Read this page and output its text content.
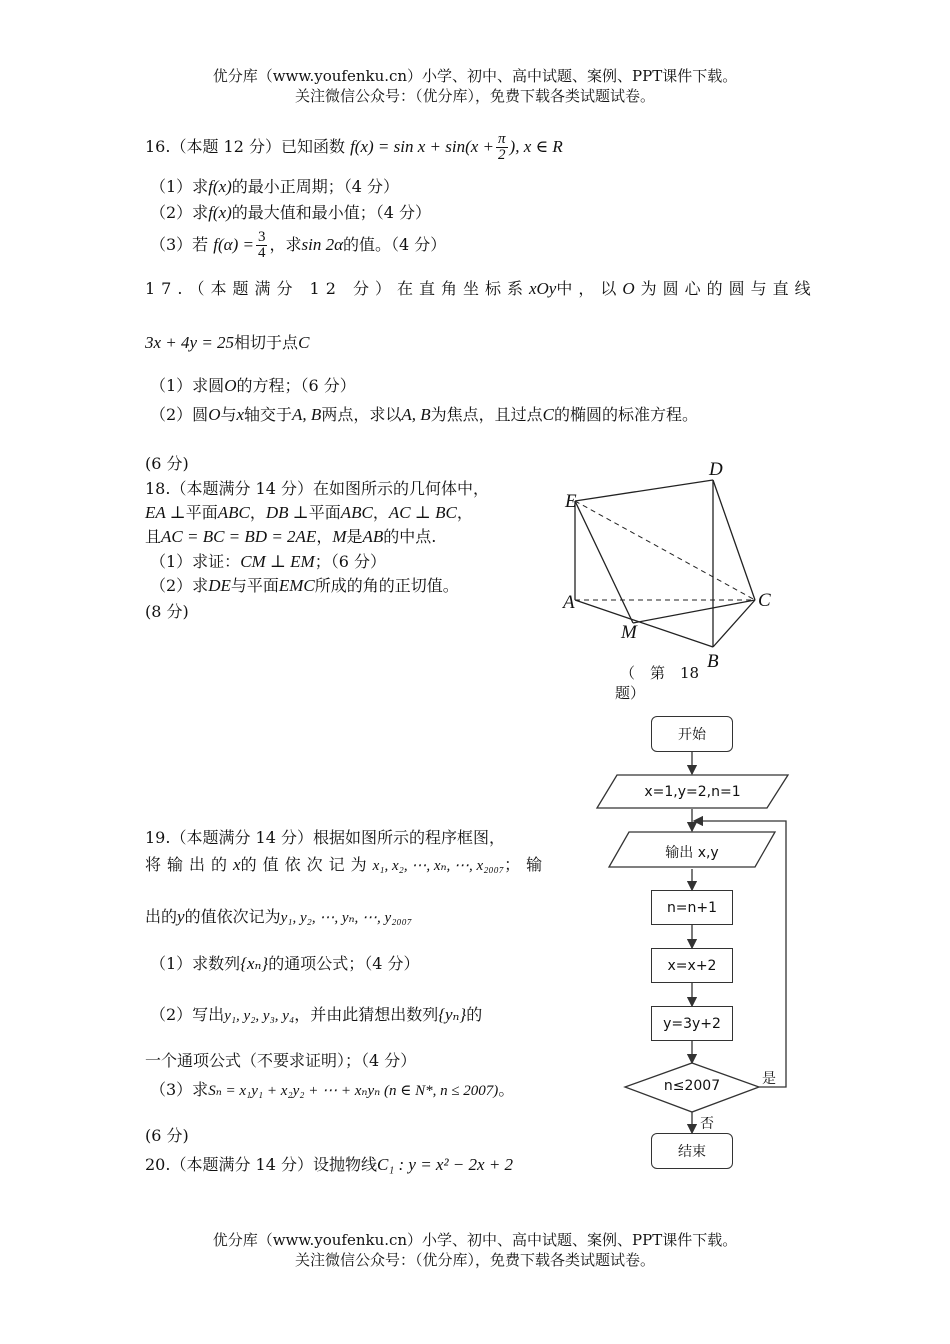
优分库（www.youfenku.cn）小学、初中、高中试题、案例、PPT课件下载。
关注微信公众号：（优分库），免费下载各类试题试卷。
16.（本题 12 分）已知函数 $f(x) = \sin x + \sin(x + \frac{\pi}{2}$ ), x ∈ R
（1）求f(x)的最小正周期；（4 分）
（2）求f(x)的最大值和最小值；（4 分）
（3）若 $f(\alpha) = \frac{3}{4}$ ，求sin 2α的值。（4 分）
17.（本题满分 12 分）在直角坐标系xOy中，以O为圆心的圆与直线
3x + 4y = 25相切于点C
（1）求圆O的方程；（6 分）
（2）圆O与x轴交于A, B两点，求以A, B为焦点，且过点C的椭圆的标准方程。
(6 分)
18.（本题满分 14 分）在如图所示的几何体中，
EA ⊥平面ABC，DB ⊥平面ABC，AC ⊥ BC，
且AC = BC = BD = 2AE，M是AB的中点.
（1）求证：CM ⊥ EM；（6 分）
（2）求DE与平面EMC所成的角的正切值。
(8 分)
D
E
A	C
M
B
（　第　18
题）
19.（本题满分 14 分）根据如图所示的程序框图，
将输出的x的值依次记为x₁, x₂, ⋯, xₙ, ⋯, x₂₀₀₇；输
出的y的值依次记为y₁, y₂, ⋯, yₙ, ⋯, y₂₀₀₇
（1）求数列{xₙ}的通项公式；（4 分）
（2）写出y₁, y₂, y₃, y₄，并由此猜想出数列{yₙ}的
一个通项公式（不要求证明）；（4 分）
（3）求Sₙ = x₁y₁ + x₂y₂ + ⋯ + xₙyₙ (n ∈ N*, n ≤ 2007)。
(6 分)
20.（本题满分 14 分）设抛物线C₁ : y = x² − 2x + 2
开始
x=1,y=2,n=1
输出 x,y
n=n+1
x=x+2
y=3y+2
n≤2007	是
否
结束
优分库（www.youfenku.cn）小学、初中、高中试题、案例、PPT课件下载。
关注微信公众号：（优分库），免费下载各类试题试卷。
